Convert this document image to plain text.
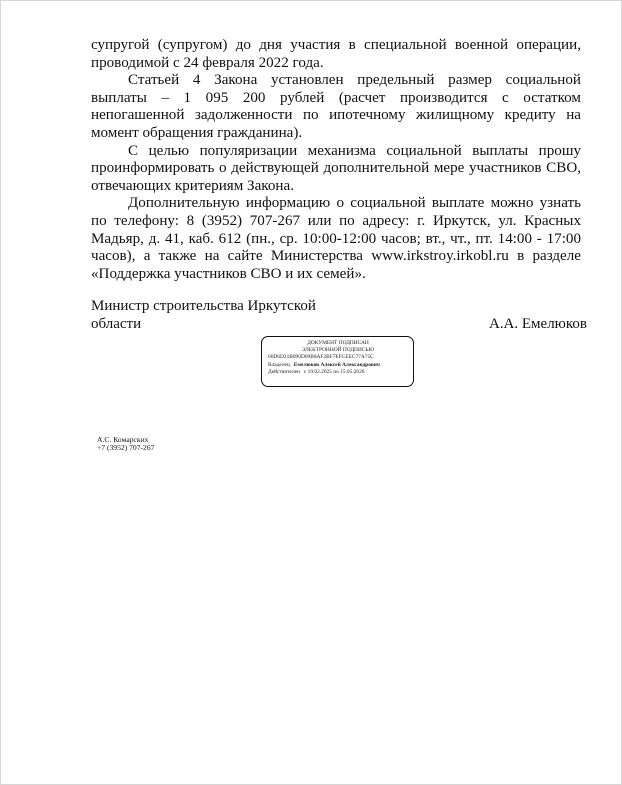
супругой (супругом) до дня участия в специальной военной операции, проводимой с 24 февраля 2022 года.

Статьей 4 Закона установлен предельный размер социальной выплаты – 1 095 200 рублей (расчет производится с остатком непогашенной задолженности по ипотечному жилищному кредиту на момент обращения гражданина).

С целью популяризации механизма социальной выплаты прошу проинформировать о действующей дополнительной мере участников СВО, отвечающих критериям Закона.

Дополнительную информацию о социальной выплате можно узнать по телефону: 8 (3952) 707-267 или по адресу: г. Иркутск, ул. Красных Мадьяр, д. 41, каб. 612 (пн., ср. 10:00-12:00 часов; вт., чт., пт. 14:00 - 17:00 часов), а также на сайте Министерства www.irkstroy.irkobl.ru в разделе «Поддержка участников СВО и их семей».

Министр строительства Иркутской
области	А.А. Емелюков
ДОКУМЕНТ ПОДПИСАН
ЭЛЕКТРОННОЙ ПОДПИСЬЮ
00D6D21B090D09B8AF2BF7EFCEEC77A75C
Владелец Емелюков Алексей Александрович
Действителен с 19.02.2025 по 15.05.2026
А.С. Комарских
+7 (3952) 707-267
